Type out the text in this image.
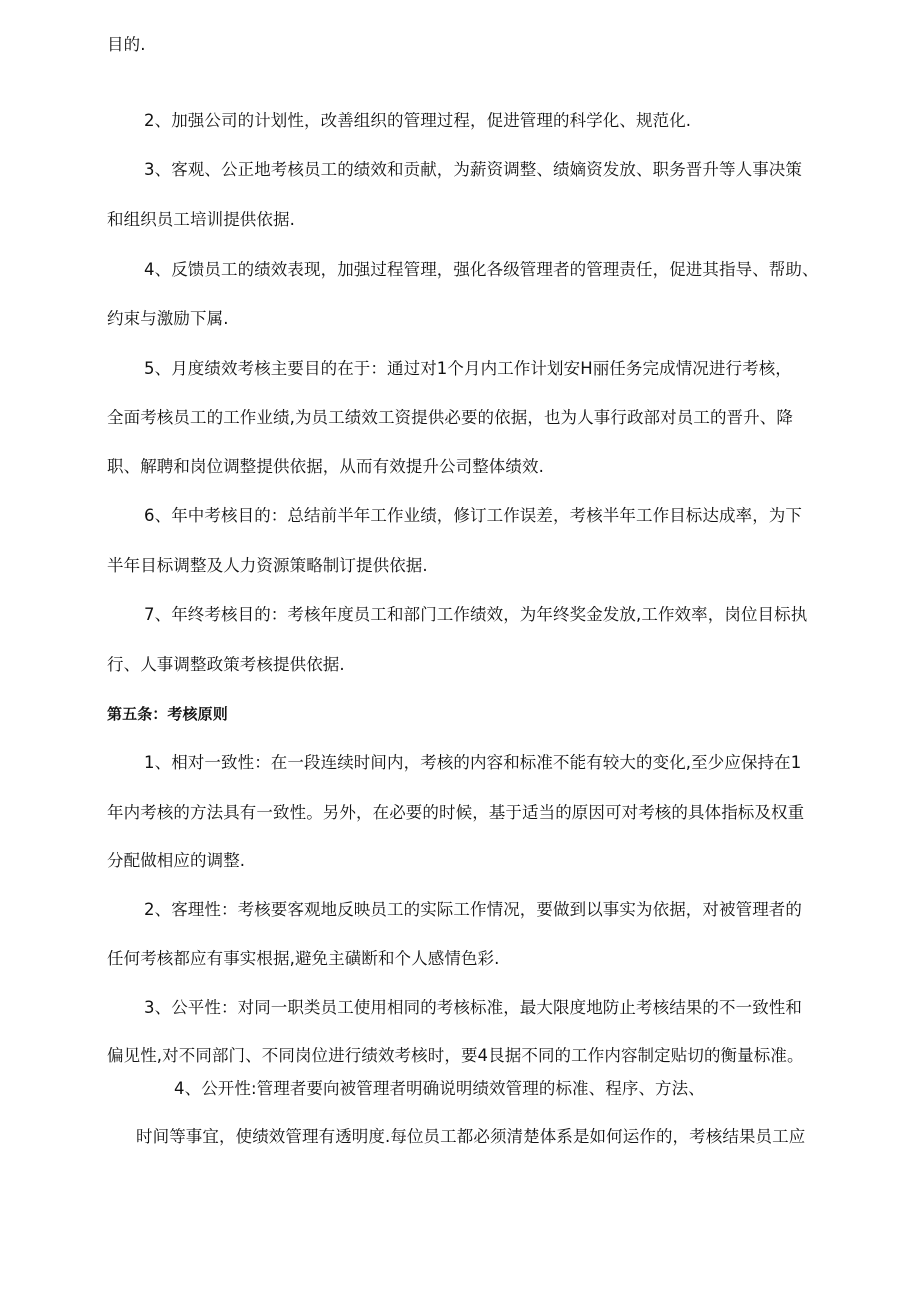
目的.
2、加强公司的计划性，改善组织的管理过程，促进管理的科学化、规范化.
3、客观、公正地考核员工的绩效和贡献，为薪资调整、绩嫡资发放、职务晋升等人事决策
和组织员工培训提供依据.
4、反馈员工的绩效表现，加强过程管理，强化各级管理者的管理责任，促进其指导、帮助、
约束与激励下属.
5、月度绩效考核主要目的在于：通过对1个月内工作计划安H丽任务完成情况进行考核，
全面考核员工的工作业绩,为员工绩效工资提供必要的依据，也为人事行政部对员工的晋升、降
职、解聘和岗位调整提供依据，从而有效提升公司整体绩效.
6、年中考核目的：总结前半年工作业绩，修订工作误差，考核半年工作目标达成率，为下
半年目标调整及人力资源策略制订提供依据.
7、年终考核目的：考核年度员工和部门工作绩效，为年终奖金发放,工作效率，岗位目标执
行、人事调整政策考核提供依据.
第五条：考核原则
1、相对一致性：在一段连续时间内，考核的内容和标准不能有较大的变化,至少应保持在1
年内考核的方法具有一致性。另外，在必要的时候，基于适当的原因可对考核的具体指标及权重
分配做相应的调整.
2、客理性：考核要客观地反映员工的实际工作情况，要做到以事实为依据，对被管理者的
任何考核都应有事实根据,避免主磺断和个人感情色彩.
3、公平性：对同一职类员工使用相同的考核标准，最大限度地防止考核结果的不一致性和
偏见性,对不同部门、不同岗位进行绩效考核时，要4艮据不同的工作内容制定贴切的衡量标准。
4、公开性:管理者要向被管理者明确说明绩效管理的标准、程序、方法、
时间等事宜，使绩效管理有透明度.每位员工都必须清楚体系是如何运作的，考核结果员工应
